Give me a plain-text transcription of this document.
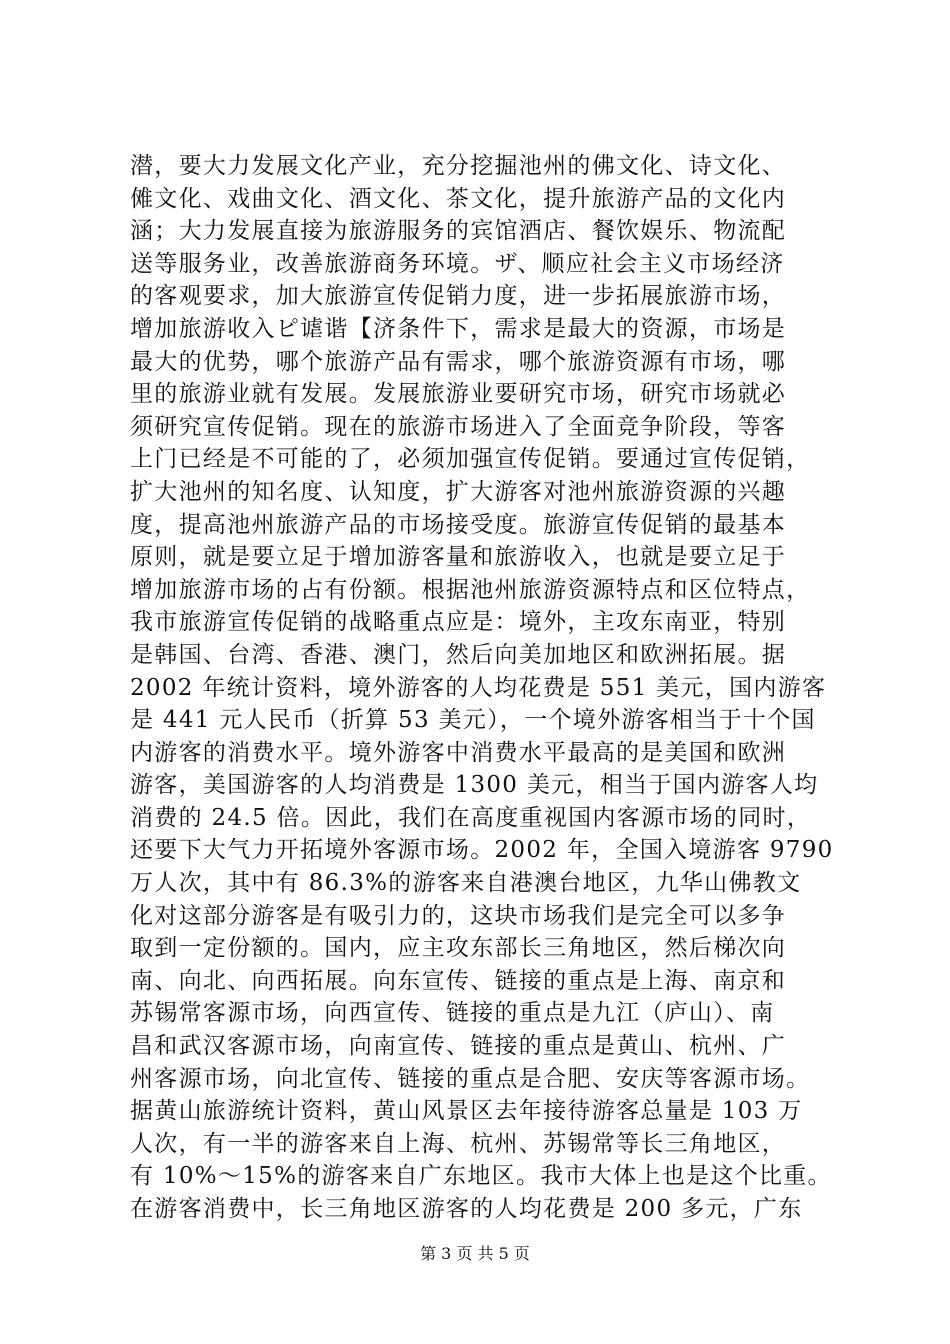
潜，要大力发展文化产业，充分挖掘池州的佛文化、诗文化、
傩文化、戏曲文化、酒文化、茶文化，提升旅游产品的文化内
涵；大力发展直接为旅游服务的宾馆酒店、餐饮娱乐、物流配
送等服务业，改善旅游商务环境。ザ、顺应社会主义市场经济
的客观要求，加大旅游宣传促销力度，进一步拓展旅游市场，
增加旅游收入ピ谑谐【济条件下，需求是最大的资源，市场是
最大的优势，哪个旅游产品有需求，哪个旅游资源有市场，哪
里的旅游业就有发展。发展旅游业要研究市场，研究市场就必
须研究宣传促销。现在的旅游市场进入了全面竞争阶段，等客
上门已经是不可能的了，必须加强宣传促销。要通过宣传促销，
扩大池州的知名度、认知度，扩大游客对池州旅游资源的兴趣
度，提高池州旅游产品的市场接受度。旅游宣传促销的最基本
原则，就是要立足于增加游客量和旅游收入，也就是要立足于
增加旅游市场的占有份额。根据池州旅游资源特点和区位特点，
我市旅游宣传促销的战略重点应是：境外，主攻东南亚，特别
是韩国、台湾、香港、澳门，然后向美加地区和欧洲拓展。据
2002 年统计资料，境外游客的人均花费是 551 美元，国内游客
是 441 元人民币（折算 53 美元），一个境外游客相当于十个国
内游客的消费水平。境外游客中消费水平最高的是美国和欧洲
游客，美国游客的人均消费是 1300 美元，相当于国内游客人均
消费的 24.5 倍。因此，我们在高度重视国内客源市场的同时，
还要下大气力开拓境外客源市场。2002 年，全国入境游客 9790
万人次，其中有 86.3%的游客来自港澳台地区，九华山佛教文
化对这部分游客是有吸引力的，这块市场我们是完全可以多争
取到一定份额的。国内，应主攻东部长三角地区，然后梯次向
南、向北、向西拓展。向东宣传、链接的重点是上海、南京和
苏锡常客源市场，向西宣传、链接的重点是九江（庐山）、南
昌和武汉客源市场，向南宣传、链接的重点是黄山、杭州、广
州客源市场，向北宣传、链接的重点是合肥、安庆等客源市场。
据黄山旅游统计资料，黄山风景区去年接待游客总量是 103 万
人次，有一半的游客来自上海、杭州、苏锡常等长三角地区，
有 10%～15%的游客来自广东地区。我市大体上也是这个比重。
在游客消费中，长三角地区游客的人均花费是 200 多元，广东
第 3 页 共 5 页
